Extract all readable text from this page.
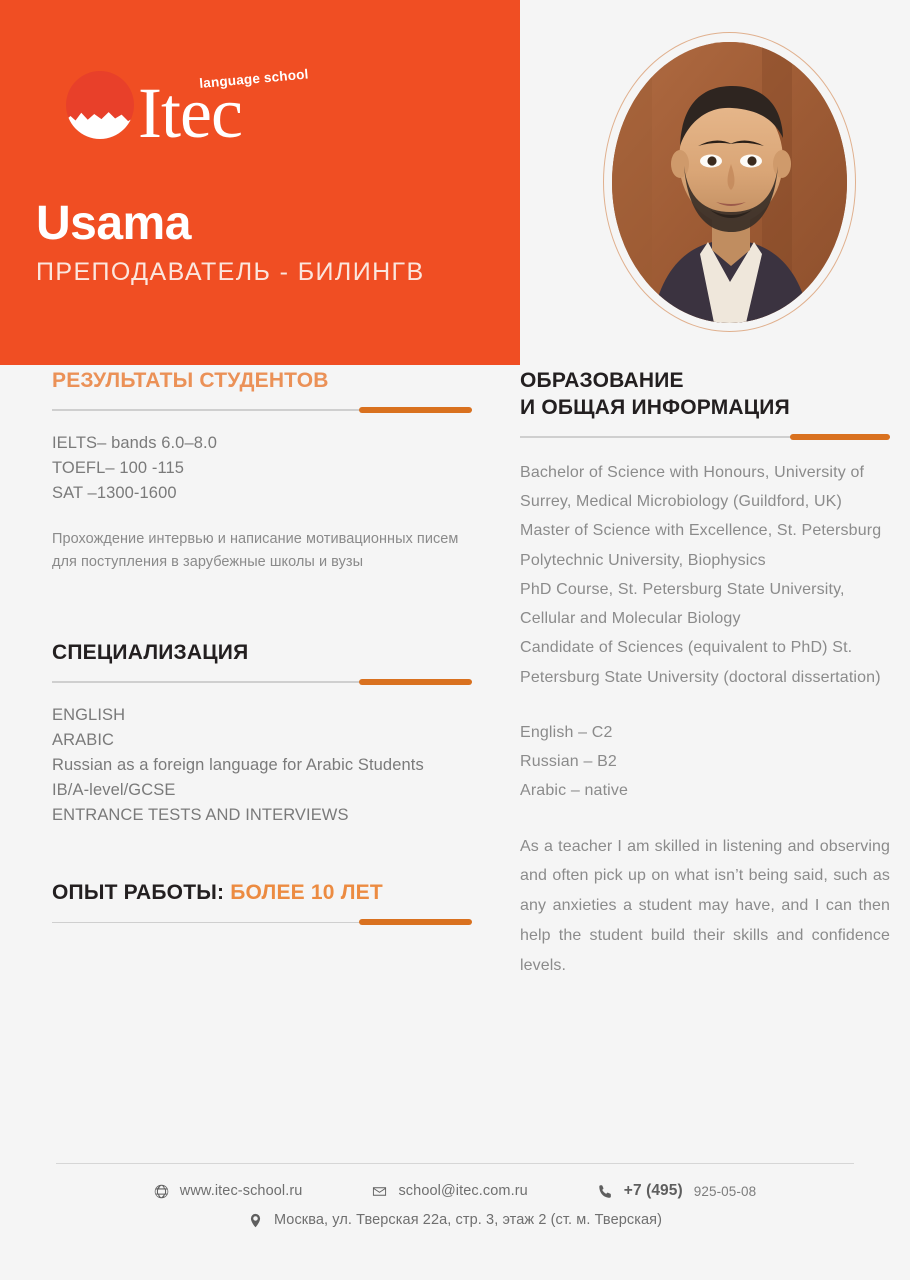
Itec
language school
Usama
ПРЕПОДАВАТЕЛЬ - БИЛИНГВ
РЕЗУЛЬТАТЫ СТУДЕНТОВ
IELTS– bands 6.0–8.0
TOEFL– 100 -115
SAT –1300-1600
Прохождение интервью и написание мотивационных писем для поступления в зарубежные школы и вузы
СПЕЦИАЛИЗАЦИЯ
ENGLISH
ARABIC
Russian as a foreign language for Arabic Students
IB/A-level/GCSE
ENTRANCE TESTS AND INTERVIEWS
ОПЫТ РАБОТЫ: БОЛЕЕ 10 ЛЕТ
ОБРАЗОВАНИЕ
И ОБЩАЯ ИНФОРМАЦИЯ
Bachelor of Science with Honours, University of Surrey, Medical Microbiology (Guildford, UK)
Master of Science with Excellence, St. Petersburg Polytechnic University, Biophysics
PhD Course, St. Petersburg State University, Cellular and Molecular Biology
Candidate of Sciences (equivalent to PhD) St. Petersburg State University (doctoral dissertation)
English – C2
Russian – B2
Arabic – native
As a teacher I am skilled in listening and observing and often pick up on what isn’t being said, such as any anxieties a student may have, and I can then help the student build their skills and confidence levels.
www.itec-school.ru	school@itec.com.ru	+7 (495) 925-05-08
Москва, ул. Тверская 22а, стр. 3, этаж 2 (ст. м. Тверская)
